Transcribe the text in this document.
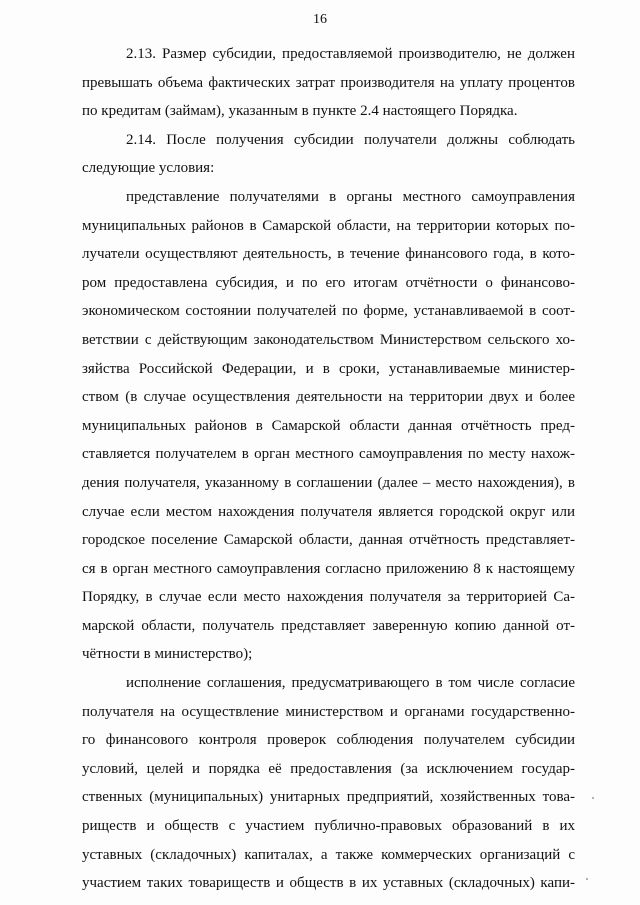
16
2.13. Размер субсидии, предоставляемой производителю, не должен
превышать объема фактических затрат производителя на уплату процентов
по кредитам (займам), указанным в пункте 2.4 настоящего Порядка.
2.14. После получения субсидии получатели должны соблюдать
следующие условия:
представление получателями в органы местного самоуправления
муниципальных районов в Самарской области, на территории которых по-
лучатели осуществляют деятельность, в течение финансового года, в кото-
ром предоставлена субсидия, и по его итогам отчётности о финансово-
экономическом состоянии получателей по форме, устанавливаемой в соот-
ветствии с действующим законодательством Министерством сельского хо-
зяйства Российской Федерации, и в сроки, устанавливаемые министер-
ством (в случае осуществления деятельности на территории двух и более
муниципальных районов в Самарской области данная отчётность пред-
ставляется получателем в орган местного самоуправления по месту нахож-
дения получателя, указанному в соглашении (далее – место нахождения), в
случае если местом нахождения получателя является городской округ или
городское поселение Самарской области, данная отчётность представляет-
ся в орган местного самоуправления согласно приложению 8 к настоящему
Порядку, в случае если место нахождения получателя за территорией Са-
марской области, получатель представляет заверенную копию данной от-
чётности в министерство);
исполнение соглашения, предусматривающего в том числе согласие
получателя на осуществление министерством и органами государственно-
го финансового контроля проверок соблюдения получателем субсидии
условий, целей и порядка её предоставления (за исключением государ-
ственных (муниципальных) унитарных предприятий, хозяйственных това-
риществ и обществ с участием публично-правовых образований в их
уставных (складочных) капиталах, а также коммерческих организаций с
участием таких товариществ и обществ в их уставных (складочных) капи-
